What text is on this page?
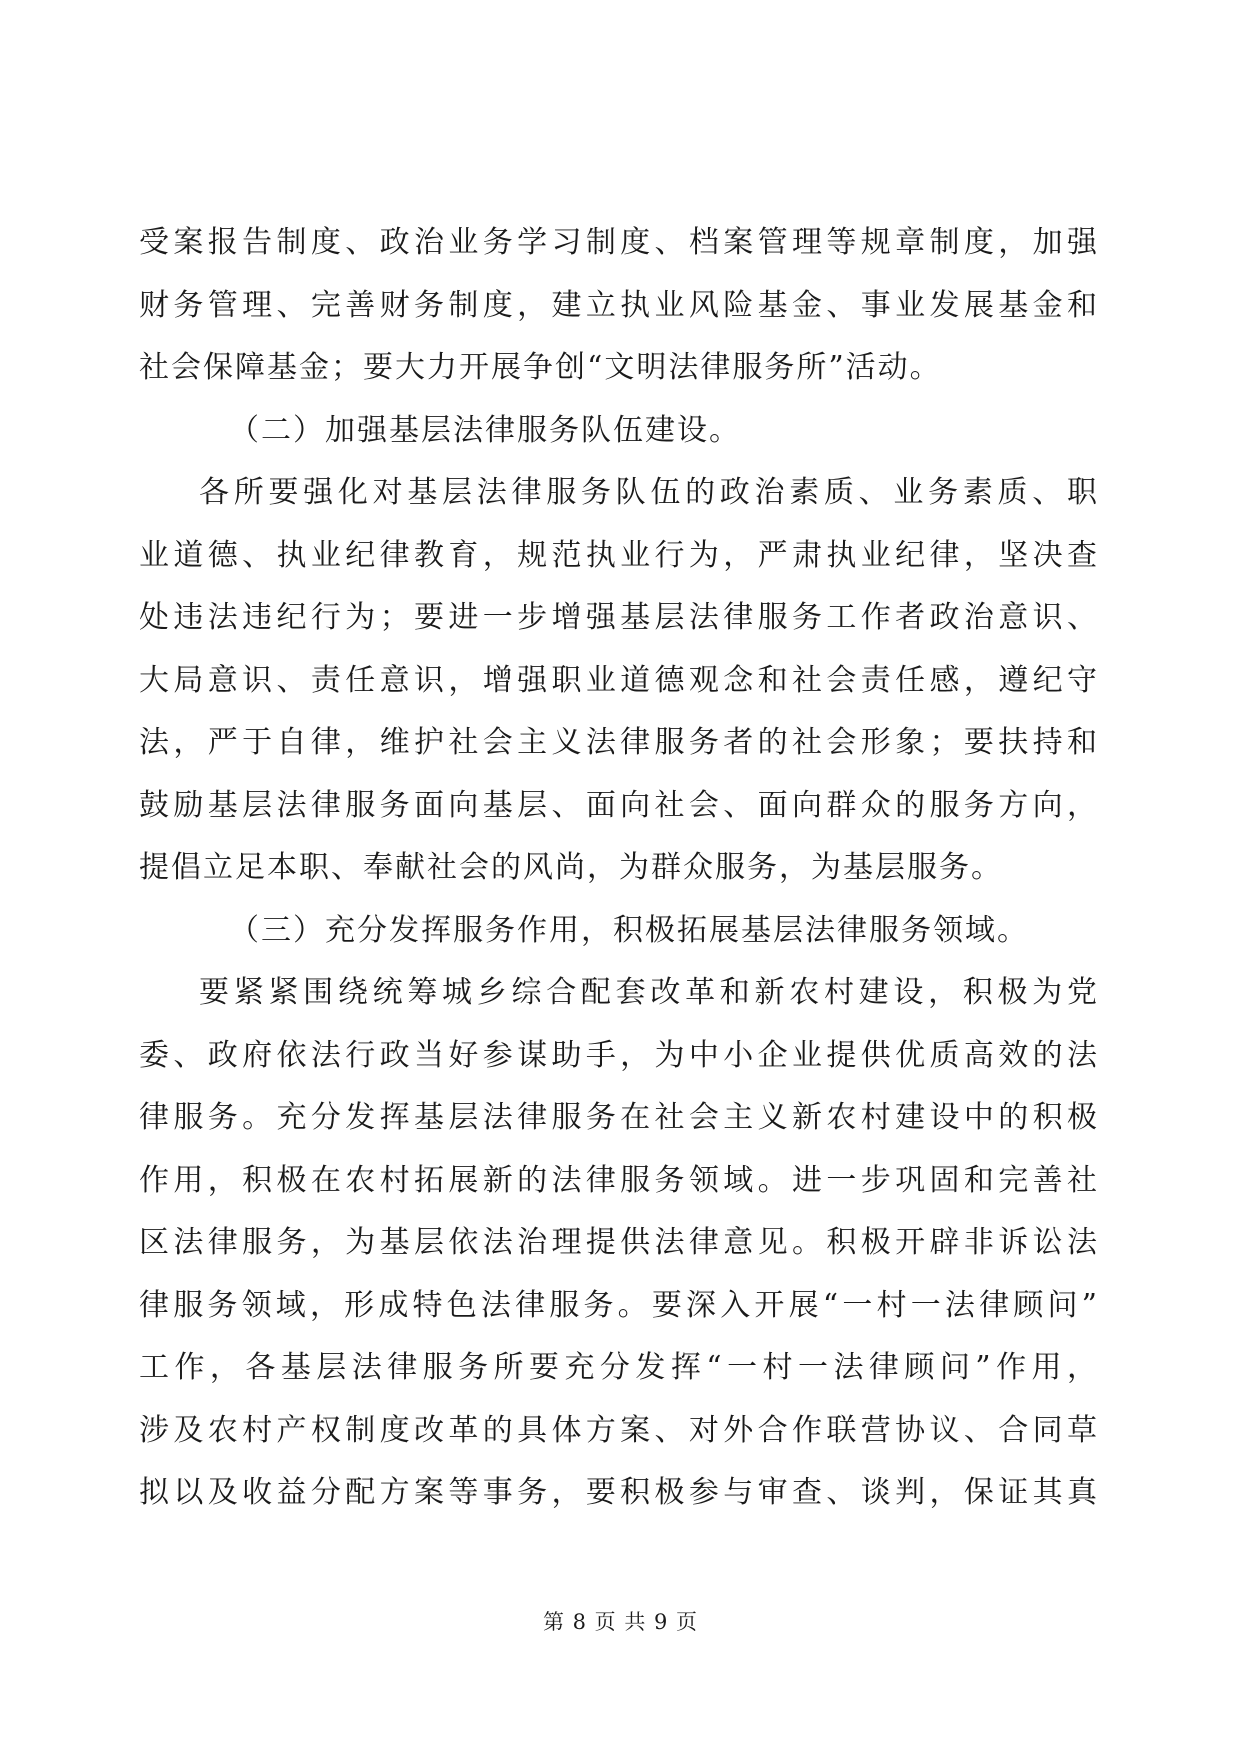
受案报告制度、政治业务学习制度、档案管理等规章制度，加强
财务管理、完善财务制度，建立执业风险基金、事业发展基金和
社会保障基金；要大力开展争创“文明法律服务所”活动。
（二）加强基层法律服务队伍建设。
各所要强化对基层法律服务队伍的政治素质、业务素质、职
业道德、执业纪律教育，规范执业行为，严肃执业纪律，坚决查
处违法违纪行为；要进一步增强基层法律服务工作者政治意识、
大局意识、责任意识，增强职业道德观念和社会责任感，遵纪守
法，严于自律，维护社会主义法律服务者的社会形象；要扶持和
鼓励基层法律服务面向基层、面向社会、面向群众的服务方向，
提倡立足本职、奉献社会的风尚，为群众服务，为基层服务。
（三）充分发挥服务作用，积极拓展基层法律服务领域。
要紧紧围绕统筹城乡综合配套改革和新农村建设，积极为党
委、政府依法行政当好参谋助手，为中小企业提供优质高效的法
律服务。充分发挥基层法律服务在社会主义新农村建设中的积极
作用，积极在农村拓展新的法律服务领域。进一步巩固和完善社
区法律服务，为基层依法治理提供法律意见。积极开辟非诉讼法
律服务领域，形成特色法律服务。要深入开展“一村一法律顾问”
工作，各基层法律服务所要充分发挥“一村一法律顾问”作用，
涉及农村产权制度改革的具体方案、对外合作联营协议、合同草
拟以及收益分配方案等事务，要积极参与审查、谈判，保证其真
第 8 页 共 9 页
